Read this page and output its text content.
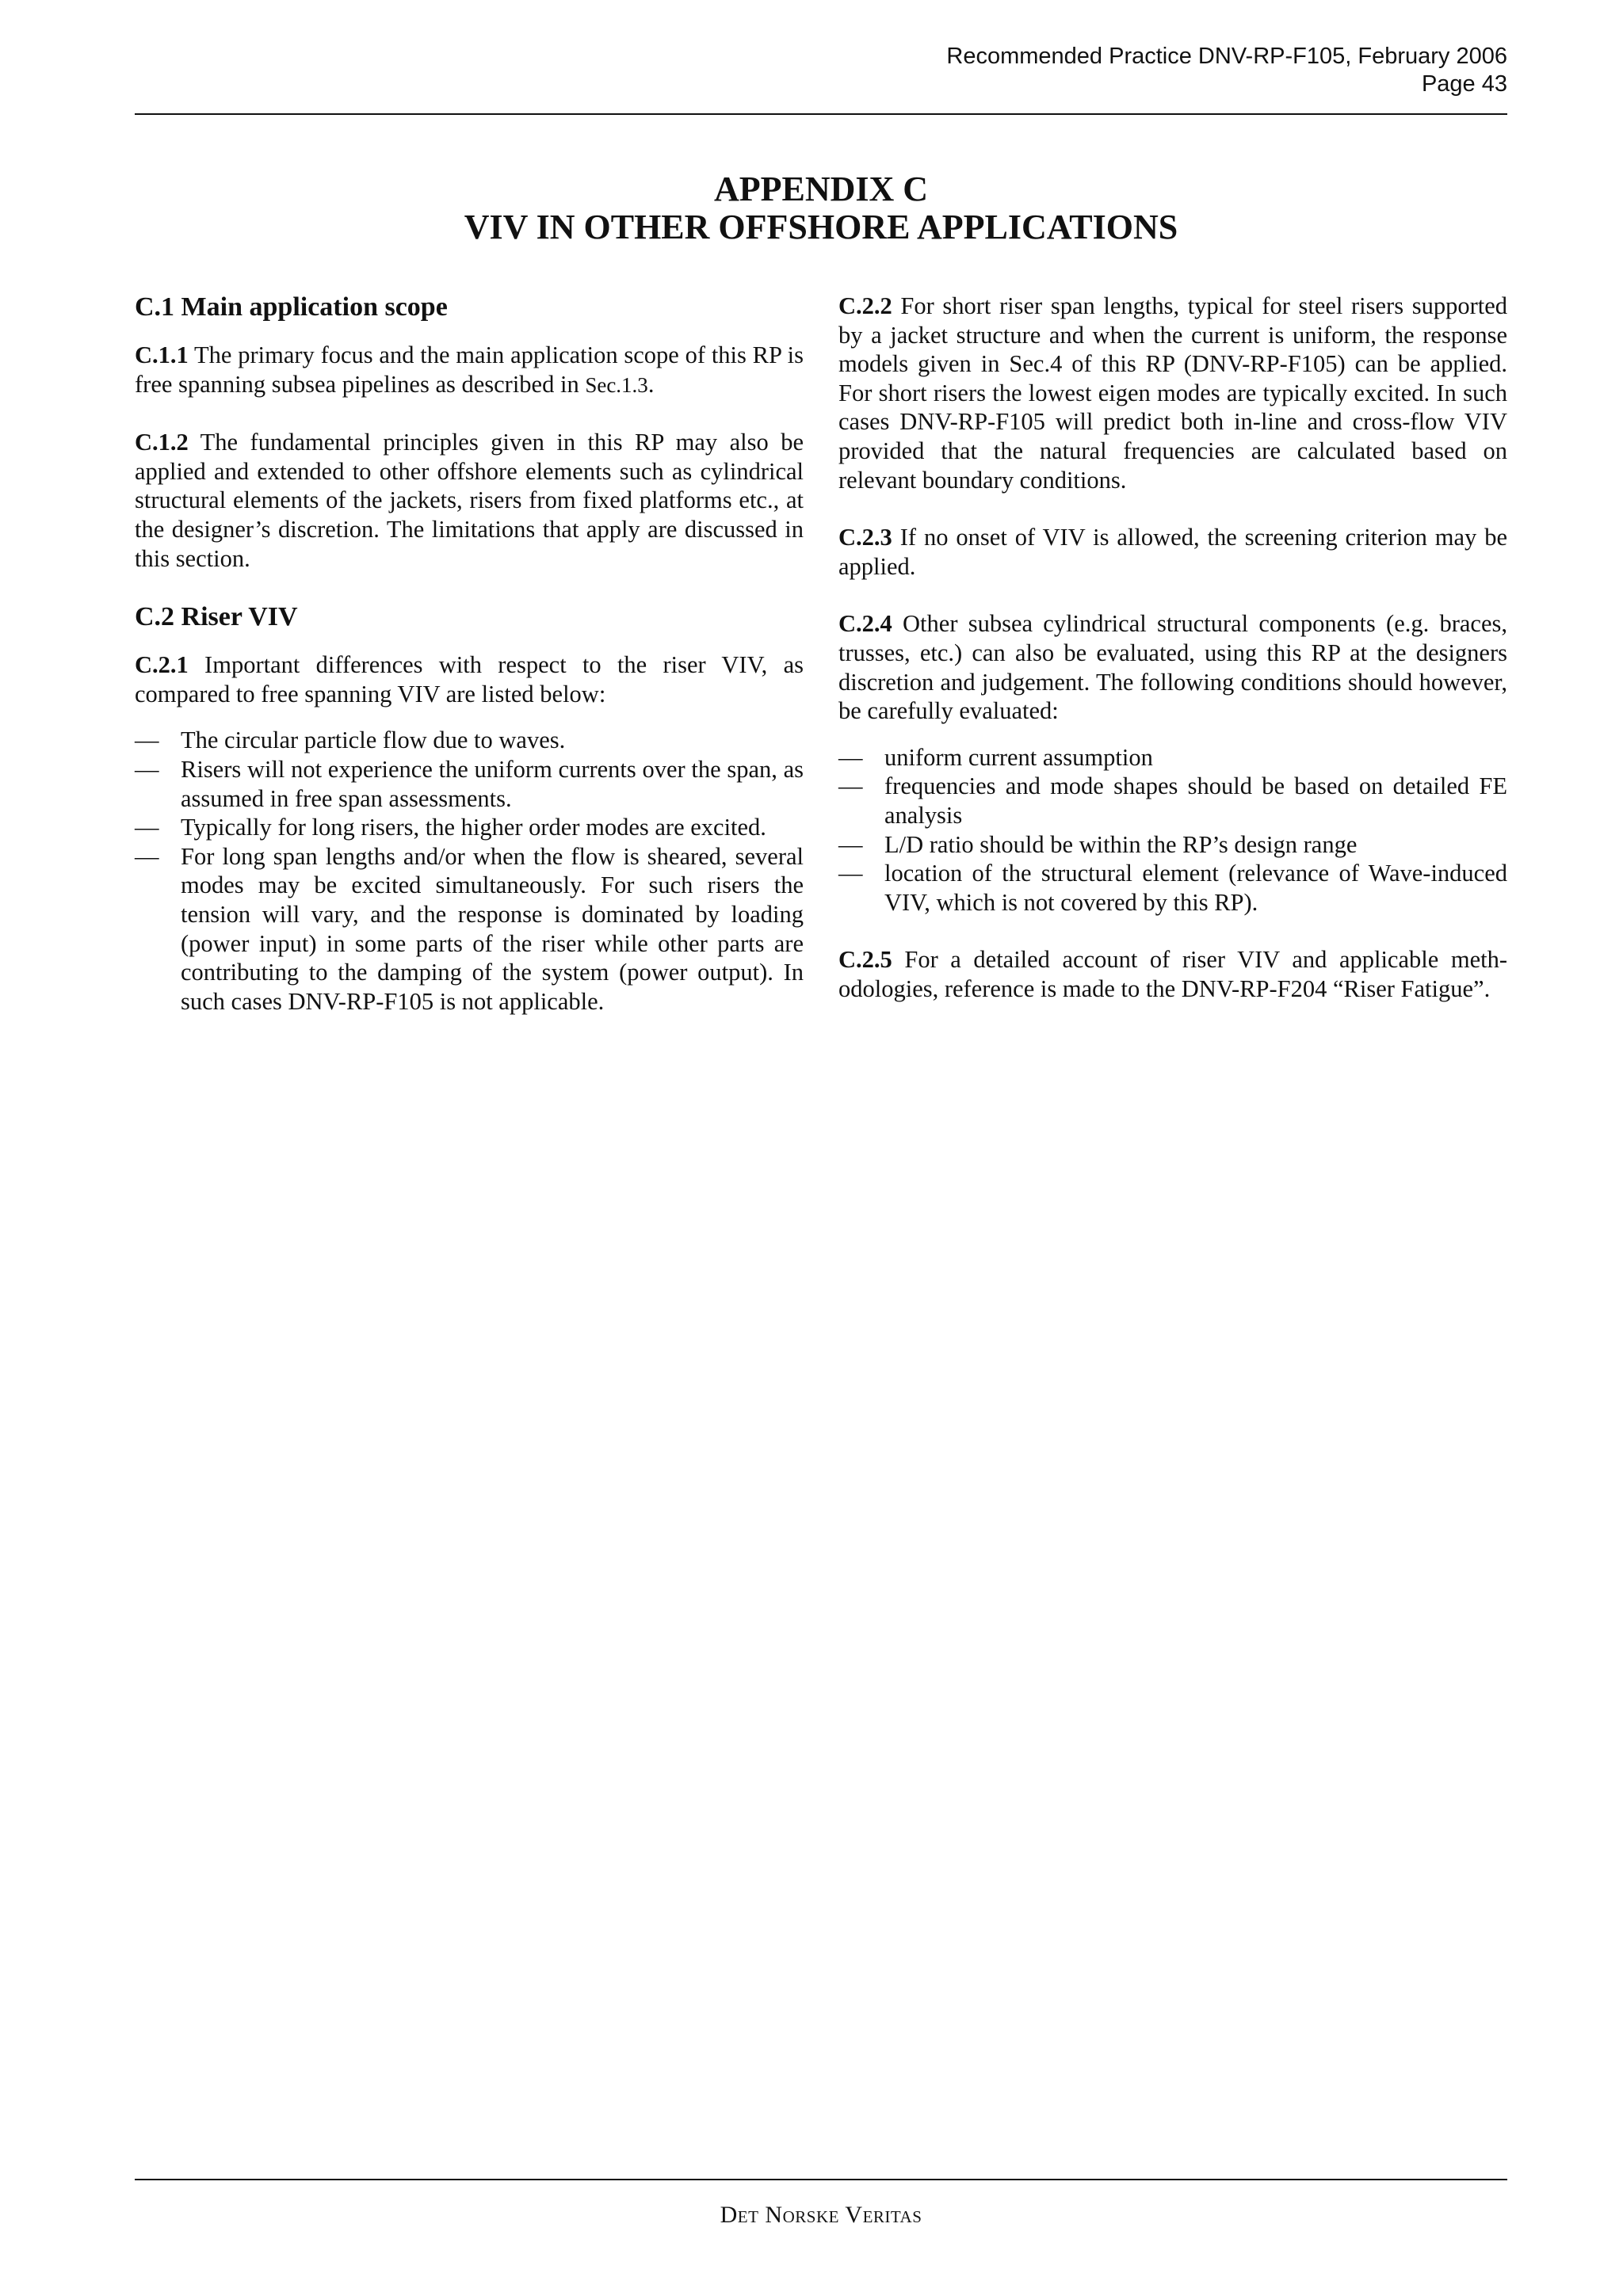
Recommended Practice DNV-RP-F105, February 2006
Page 43
APPENDIX C
VIV IN OTHER OFFSHORE APPLICATIONS
C.1 Main application scope

C.1.1 The primary focus and the main application scope of this RP is free spanning subsea pipelines as described in Sec.1.3.

C.1.2 The fundamental principles given in this RP may also be applied and extended to other offshore elements such as cylindrical structural elements of the jackets, risers from fixed platforms etc., at the designer’s discretion. The limitations that apply are discussed in this section.

C.2 Riser VIV

C.2.1 Important differences with respect to the riser VIV, as compared to free spanning VIV are listed below:

— The circular particle flow due to waves.
— Risers will not experience the uniform currents over the span, as assumed in free span assessments.
— Typically for long risers, the higher order modes are excited.
— For long span lengths and/or when the flow is sheared, several modes may be excited simultaneously. For such risers the tension will vary, and the response is dominated by loading (power input) in some parts of the riser while other parts are contributing to the damping of the system (power output). In such cases DNV-RP-F105 is not applicable.

C.2.2 For short riser span lengths, typical for steel risers supported by a jacket structure and when the current is uniform, the response models given in Sec.4 of this RP (DNV-RP-F105) can be applied. For short risers the lowest eigen modes are typically excited. In such cases DNV-RP-F105 will predict both in-line and cross-flow VIV provided that the natural frequencies are calculated based on relevant boundary conditions.

C.2.3 If no onset of VIV is allowed, the screening criterion may be applied.

C.2.4 Other subsea cylindrical structural components (e.g. braces, trusses, etc.) can also be evaluated, using this RP at the designers discretion and judgement. The following conditions should however, be carefully evaluated:

— uniform current assumption
— frequencies and mode shapes should be based on detailed FE analysis
— L/D ratio should be within the RP’s design range
— location of the structural element (relevance of Wave-induced VIV, which is not covered by this RP).

C.2.5 For a detailed account of riser VIV and applicable methodologies, reference is made to the DNV-RP-F204 “Riser Fatigue”.

Det Norske Veritas
